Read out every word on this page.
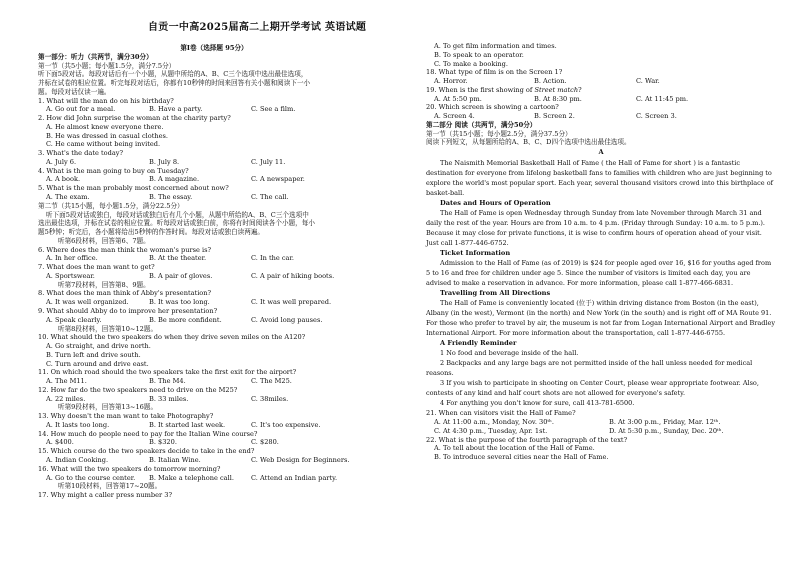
自贡一中高2025届高二上期开学考试 英语试题
第Ⅰ卷（选择题 95分）
第一部分：听力（共两节，满分30分）
第一节（共5小题；每小题1.5分，满分7.5分）
听下面5段对话。每段对话后有一个小题，从题中所给的A、B、C三个选项中选出最佳选项，
并标在试卷的相应位置。听完每段对话后，你都有10秒钟的时间来回答有关小题和阅读下一小
题。每段对话仅读一遍。
1. What will the man do on his birthday?
A. Go out for a meal.	B. Have a party.	C. See a film.
2. How did John surprise the woman at the charity party?
A. He almost knew everyone there.
B. He was dressed in casual clothes.
C. He came without being invited.
3. What's the date today?
A. July 6.	B. July 8.	C. July 11.
4. What is the man going to buy on Tuesday?
A. A book.	B. A magazine.	C. A newspaper.
5. What is the man probably most concerned about now?
A. The exam.	B. The essay.	C. The call.
第二节（共15小题，每小题1.5分，满分22.5分）
听下面5段对话或独白，每段对话或独白后有几个小题，从题中所给的A、B、C三个选项中
选出最佳选项，并标在试卷的相应位置。听每段对话或独白前，你将有时间阅读各个小题，每小
题5秒钟；听完后，各小题将给出5秒钟的作答时间。每段对话或独白读两遍。
听第6段材料，回答第6、7题。
6. Where does the man think the woman's purse is?
A. In her office.	B. At the theater.	C. In the car.
7. What does the man want to get?
A. Sportswear.	B. A pair of gloves.	C. A pair of hiking boots.
听第7段材料，回答第8、9题。
8. What does the man think of Abby's presentation?
A. It was well organized.	B. It was too long.	C. It was well prepared.
9. What should Abby do to improve her presentation?
A. Speak clearly.	B. Be more confident.	C. Avoid long pauses.
听第8段材料，回答第10~12题。
10. What should the two speakers do when they drive seven miles on the A120?
A. Go straight, and drive north.
B. Turn left and drive south.
C. Turn around and drive east.
11. On which road should the two speakers take the first exit for the airport?
A. The M11.	B. The M4.	C. The M25.
12. How far do the two speakers need to drive on the M25?
A. 22 miles.	B. 33 miles.	C. 38miles.
听第9段材料，回答第13~16题。
13. Why doesn't the man want to take Photography?
A. It lasts too long.	B. It started last week.	C. It's too expensive.
14. How much do people need to pay for the Italian Wine course?
A. $400.	B. $320.	C. $280.
15. Which course do the two speakers decide to take in the end?
A. Indian Cooking.	B. Italian Wine.	C. Web Design for Beginners.
16. What will the two speakers do tomorrow morning?
A. Go to the course center.	B. Make a telephone call.	C. Attend an Indian party.
听第10段材料，回答第17~20题。
17. Why might a caller press number 3?
A. To get film information and times.
B. To speak to an operator.
C. To make a booking.
18. What type of film is on the Screen 1?
A. Horror.	B. Action.	C. War.
19. When is the first showing of Street match?
A. At 5:50 pm.	B. At 8:30 pm.	C. At 11:45 pm.
20. Which screen is showing a cartoon?
A. Screen 4.	B. Screen 2.	C. Screen 3.
第二部分 阅读（共两节，满分50分）
第一节（共15小题；每小题2.5分，满分37.5分）
阅读下列短文，从每题所给的A、B、C、D四个选项中选出最佳选项。
A
The Naismith Memorial Basketball Hall of Fame ( the Hall of Fame for short ) is a fantastic destination for everyone from lifelong basketball fans to families with children who are just beginning to explore the world's most popular sport. Each year, several thousand visitors crowd into this birthplace of basket-ball.
Dates and Hours of Operation
The Hall of Fame is open Wednesday through Sunday from late November through March 31 and daily the rest of the year. Hours are from 10 a.m. to 4 p.m. (Friday through Sunday: 10 a.m. to 5 p.m.). Because it may close for private functions, it is wise to confirm hours of operation ahead of your visit. Just call 1-877-446-6752.
Ticket Information
Admission to the Hall of Fame (as of 2019) is $24 for people aged over 16, $16 for youths aged from 5 to 16 and free for children under age 5. Since the number of visitors is limited each day, you are advised to make a reservation in advance. For more information, please call 1-877-466-6831.
Travelling from All Directions
The Hall of Fame is conveniently located (位于) within driving distance from Boston (in the east), Albany (in the west), Vermont (in the north) and New York (in the south) and is right off of MA Route 91. For those who prefer to travel by air, the museum is not far from Logan International Airport and Bradley International Airport. For more information about the transportation, call 1-877-446-6755.
A Friendly Reminder
1 No food and beverage inside of the hall.
2 Backpacks and any large bags are not permitted inside of the hall unless needed for medical reasons.
3 If you wish to participate in shooting on Center Court, please wear appropriate footwear. Also, contests of any kind and half court shots are not allowed for everyone's safety.
4 For anything you don't know for sure, call 413-781-6500.
21. When can visitors visit the Hall of Fame?
A. At 11:00 a.m., Monday, Nov. 30ᵗʰ.	B. At 3:00 p.m., Friday, Mar. 12ᵗʰ.
C. At 4:30 p.m., Tuesday, Apr. 1st.	D. At 5:30 p.m., Sunday, Dec. 20ᵗʰ.
22. What is the purpose of the fourth paragraph of the text?
A. To tell about the location of the Hall of Fame.
B. To introduce several cities near the Hall of Fame.
